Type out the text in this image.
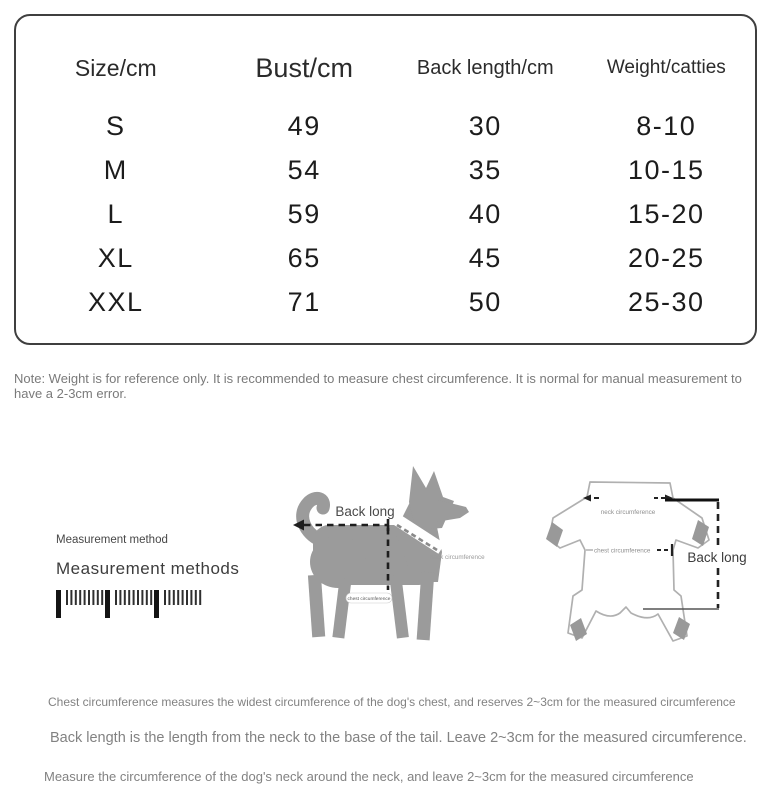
Size/cm	Bust/cm	Back length/cm	Weight/catties
S	49	30	8-10
M	54	35	10-15
L	59	40	15-20
XL	65	45	20-25
XXL	71	50	25-30
Note: Weight is for reference only. It is recommended to measure chest circumference. It is normal for manual measurement to have a 2-3cm error.
Measurement method
Measurement methods
Back long
neck circumference
chest circumference
neck circumference
chest circumference	Back long
Chest circumference measures the widest circumference of the dog's chest, and reserves 2~3cm for the measured circumference
Back length is the length from the neck to the base of the tail. Leave 2~3cm for the measured circumference.
Measure the circumference of the dog's neck around the neck, and leave 2~3cm for the measured circumference
